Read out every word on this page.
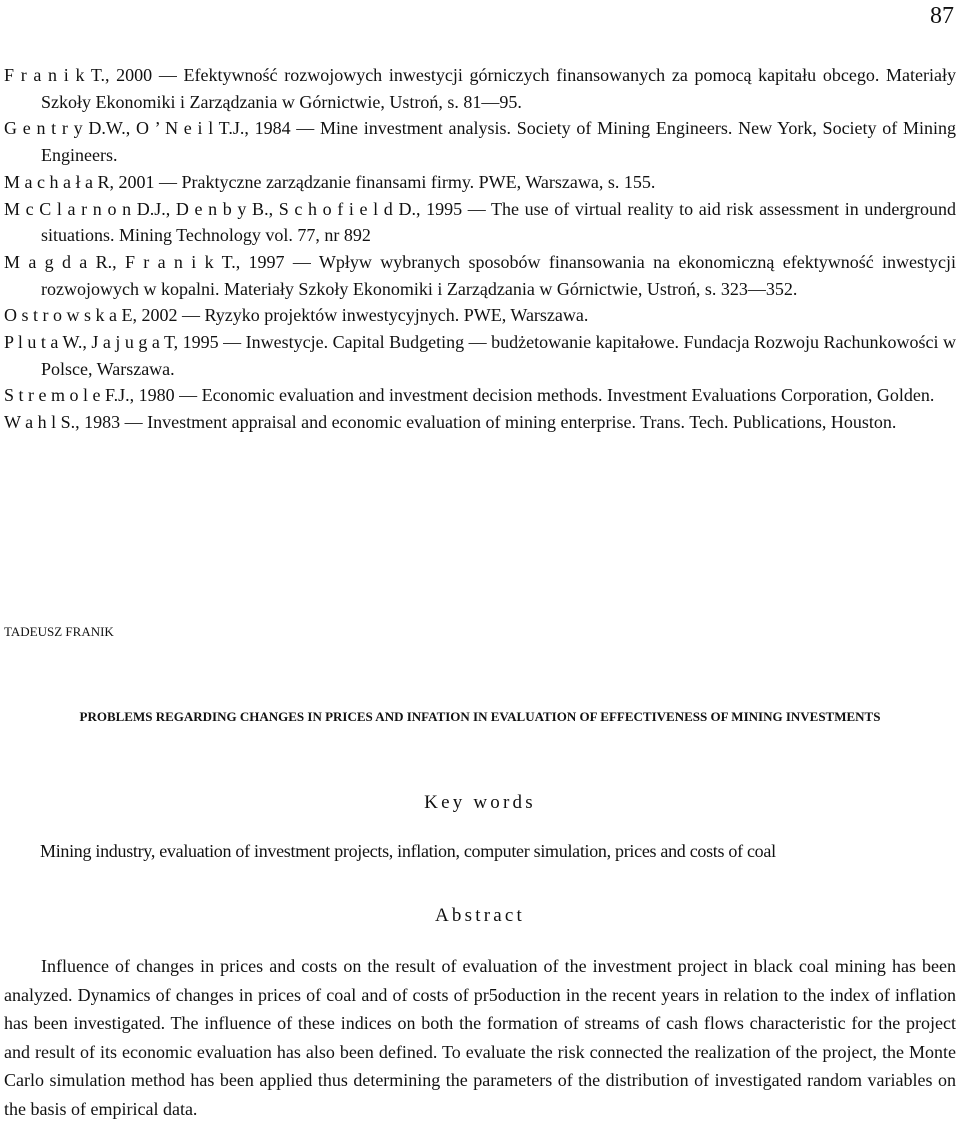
87
F r a n i k T., 2000 — Efektywność rozwojowych inwestycji górniczych finansowanych za pomocą kapitału obcego. Materiały Szkoły Ekonomiki i Zarządzania w Górnictwie, Ustroń, s. 81—95.
G e n t r y D.W., O ’ N e i l T.J., 1984 — Mine investment analysis. Society of Mining Engineers. New York, Society of Mining Engineers.
M a c h a ł a R, 2001 — Praktyczne zarządzanie finansami firmy. PWE, Warszawa, s. 155.
M c C l a r n o n D.J., D e n b y B., S c h o f i e l d D., 1995 — The use of virtual reality to aid risk assessment in underground situations. Mining Technology vol. 77, nr 892
M a g d a R., F r a n i k T., 1997 — Wpływ wybranych sposobów finansowania na ekonomiczną efektywność inwestycji rozwojowych w kopalni. Materiały Szkoły Ekonomiki i Zarządzania w Górnictwie, Ustroń, s. 323—352.
O s t r o w s k a E, 2002 — Ryzyko projektów inwestycyjnych. PWE, Warszawa.
P l u t a W., J a j u g a T, 1995 — Inwestycje. Capital Budgeting — budżetowanie kapitałowe. Fundacja Rozwoju Rachunkowości w Polsce, Warszawa.
S t r e m o l e F.J., 1980 — Economic evaluation and investment decision methods. Investment Evaluations Corporation, Golden.
W a h l S., 1983 — Investment appraisal and economic evaluation of mining enterprise. Trans. Tech. Publications, Houston.
TADEUSZ FRANIK
PROBLEMS REGARDING CHANGES IN PRICES AND INFATION IN EVALUATION OF EFFECTIVENESS OF MINING INVESTMENTS
Key words
Mining industry, evaluation of investment projects, inflation, computer simulation, prices and costs of coal
Abstract
Influence of changes in prices and costs on the result of evaluation of the investment project in black coal mining has been analyzed. Dynamics of changes in prices of coal and of costs of pr5oduction in the recent years in relation to the index of inflation has been investigated. The influence of these indices on both the formation of streams of cash flows characteristic for the project and result of its economic evaluation has also been defined. To evaluate the risk connected the realization of the project, the Monte Carlo simulation method has been applied thus determining the parameters of the distribution of investigated random variables on the basis of empirical data.
